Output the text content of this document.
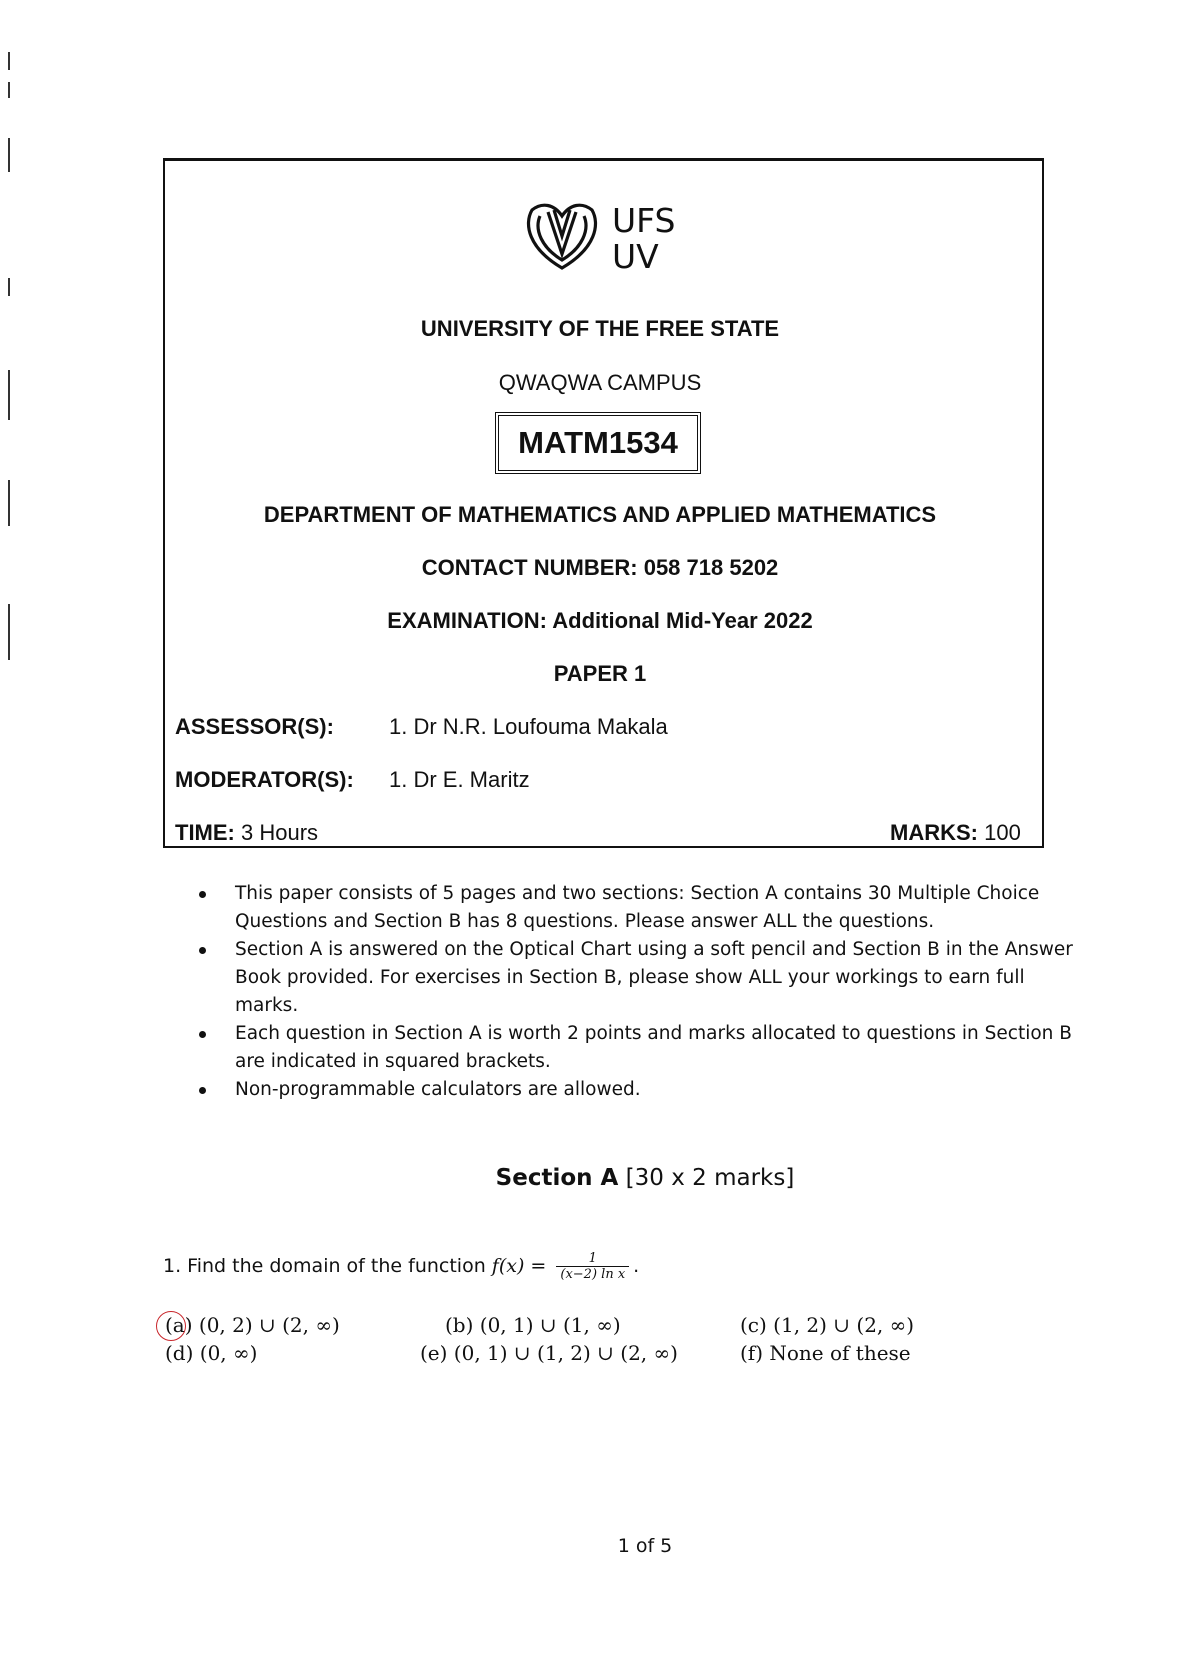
UFS
UV
UNIVERSITY OF THE FREE STATE
QWAQWA CAMPUS
MATM1534
DEPARTMENT OF MATHEMATICS AND APPLIED MATHEMATICS
CONTACT NUMBER: 058 718 5202
EXAMINATION: Additional Mid-Year 2022
PAPER 1
ASSESSOR(S):	1. Dr N.R. Loufouma Makala
MODERATOR(S): 1. Dr E. Maritz
TIME: 3 Hours	MARKS: 100
This paper consists of 5 pages and two sections: Section A contains 30 Multiple Choice Questions and Section B has 8 questions. Please answer ALL the questions.
Section A is answered on the Optical Chart using a soft pencil and Section B in the Answer Book provided. For exercises in Section B, please show ALL your workings to earn full marks.
Each question in Section A is worth 2 points and marks allocated to questions in Section B are indicated in squared brackets.
Non-programmable calculators are allowed.
Section A [30 x 2 marks]
1. Find the domain of the function $f(x) = \frac{1}{\text{(x−2) ln x}}$ .
(a) (0, 2) ∪ (2, ∞)	(b) (0, 1) ∪ (1, ∞)	(c) (1, 2) ∪ (2, ∞)
(d) (0, ∞)	(e) (0, 1) ∪ (1, 2) ∪ (2, ∞)	(f) None of these
1 of 5
